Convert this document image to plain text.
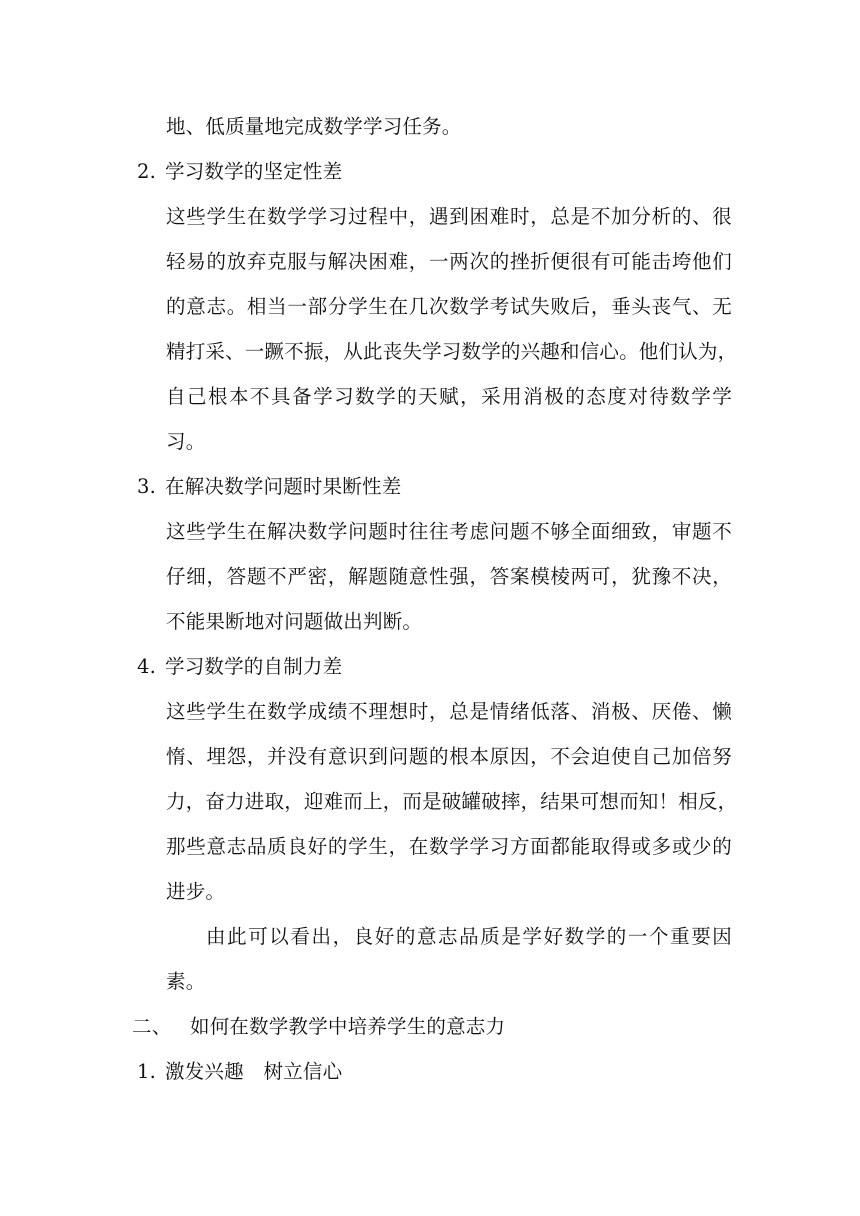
地、低质量地完成数学学习任务。
2. 学习数学的坚定性差
这些学生在数学学习过程中，遇到困难时，总是不加分析的、很
轻易的放弃克服与解决困难，一两次的挫折便很有可能击垮他们
的意志。相当一部分学生在几次数学考试失败后，垂头丧气、无
精打采、一蹶不振，从此丧失学习数学的兴趣和信心。他们认为，
自己根本不具备学习数学的天赋，采用消极的态度对待数学学
习。
3. 在解决数学问题时果断性差
这些学生在解决数学问题时往往考虑问题不够全面细致，审题不
仔细，答题不严密，解题随意性强，答案模棱两可，犹豫不决，
不能果断地对问题做出判断。
4. 学习数学的自制力差
这些学生在数学成绩不理想时，总是情绪低落、消极、厌倦、懒
惰、埋怨，并没有意识到问题的根本原因，不会迫使自己加倍努
力，奋力进取，迎难而上，而是破罐破摔，结果可想而知！相反，
那些意志品质良好的学生，在数学学习方面都能取得或多或少的
进步。
由此可以看出，良好的意志品质是学好数学的一个重要因
素。
二、 如何在数学教学中培养学生的意志力
1. 激发兴趣　树立信心
